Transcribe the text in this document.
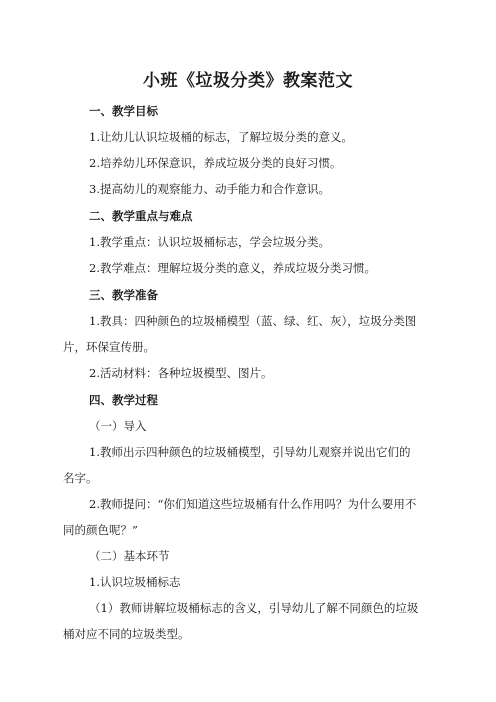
小班《垃圾分类》教案范文
一、教学目标
1.让幼儿认识垃圾桶的标志，了解垃圾分类的意义。
2.培养幼儿环保意识，养成垃圾分类的良好习惯。
3.提高幼儿的观察能力、动手能力和合作意识。
二、教学重点与难点
1.教学重点：认识垃圾桶标志，学会垃圾分类。
2.教学难点：理解垃圾分类的意义，养成垃圾分类习惯。
三、教学准备
1.教具：四种颜色的垃圾桶模型（蓝、绿、红、灰），垃圾分类图
片，环保宣传册。
2.活动材料：各种垃圾模型、图片。
四、教学过程
（一）导入
1.教师出示四种颜色的垃圾桶模型，引导幼儿观察并说出它们的
名字。
2.教师提问：“你们知道这些垃圾桶有什么作用吗？为什么要用不
同的颜色呢？”
（二）基本环节
1.认识垃圾桶标志
（1）教师讲解垃圾桶标志的含义，引导幼儿了解不同颜色的垃圾
桶对应不同的垃圾类型。
